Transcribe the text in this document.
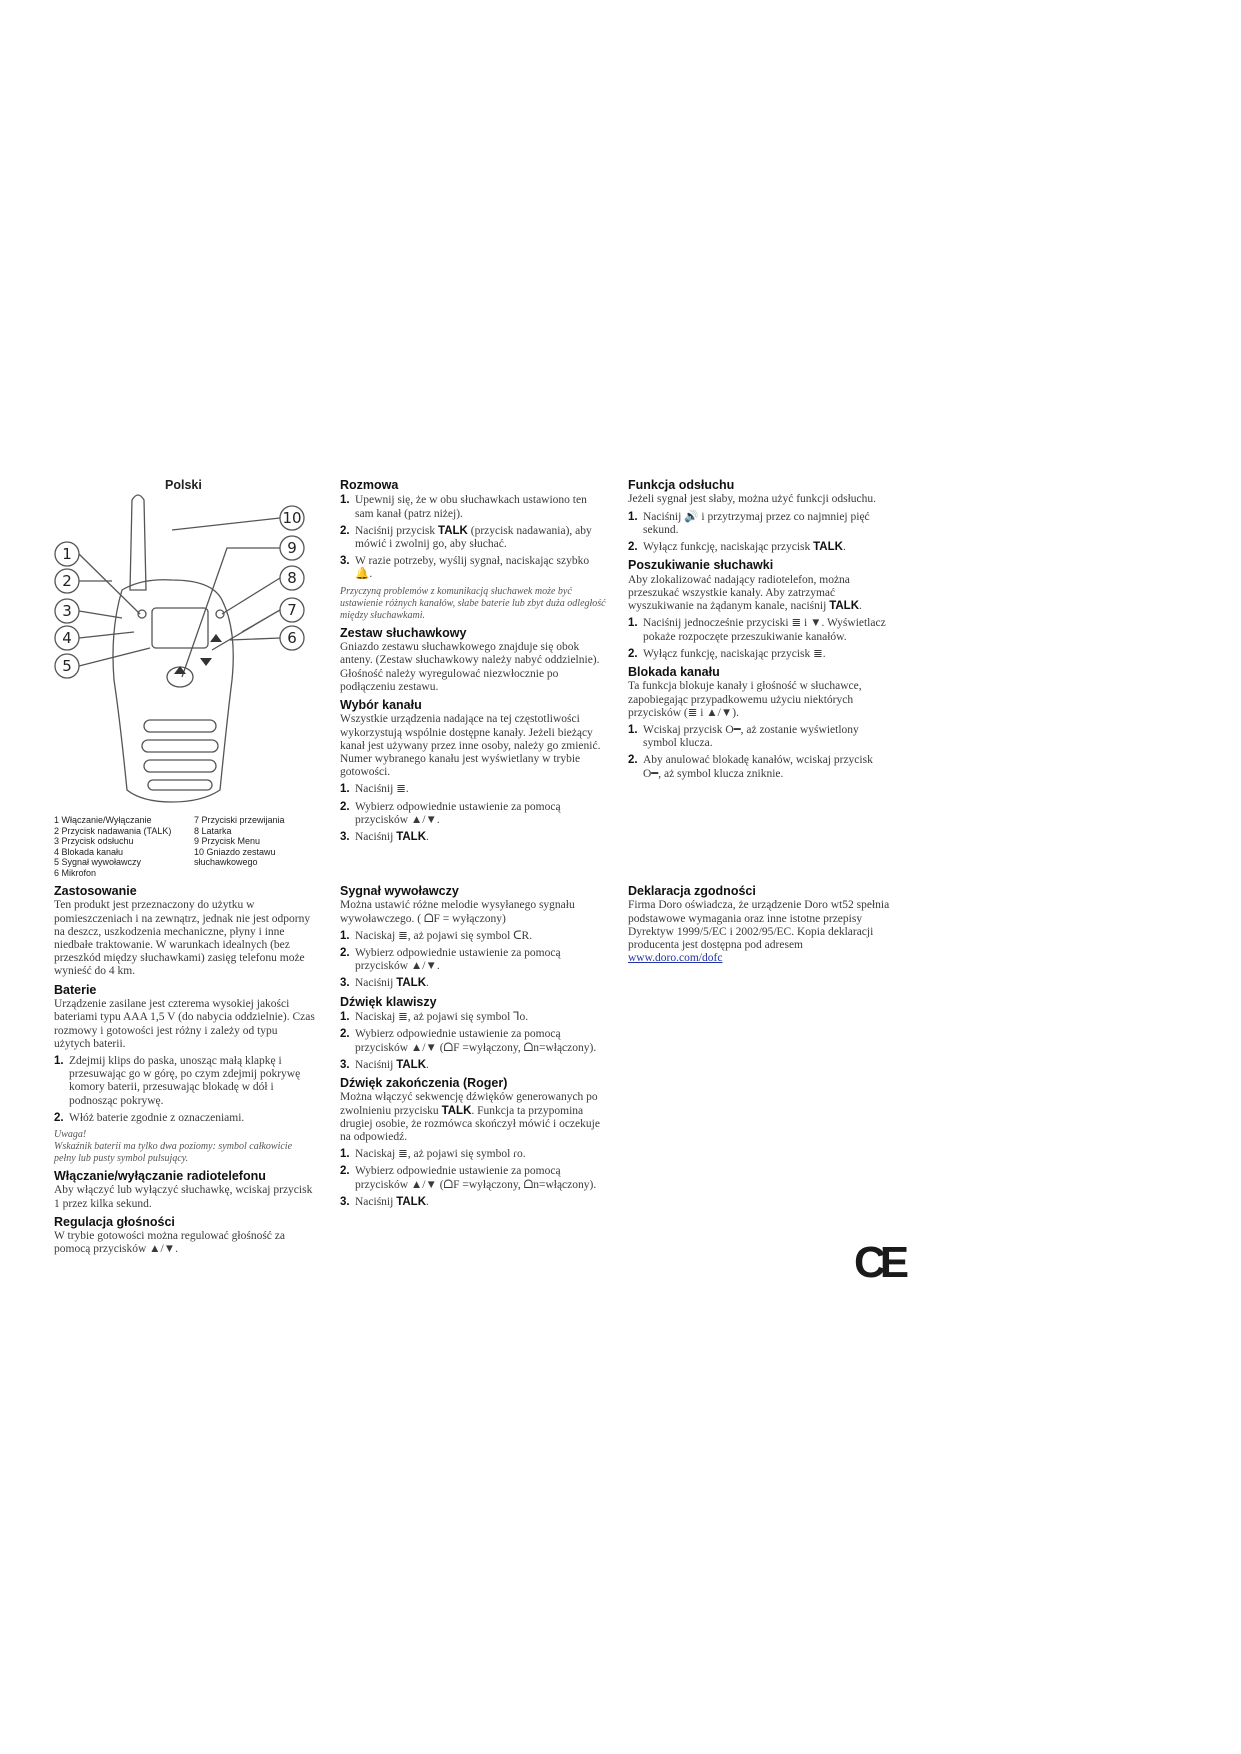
Polski
1
2
3
4
5
6
7
8
9
10
1 Włączanie/Wyłączanie	7 Przyciski przewijania
2 Przycisk nadawania (TALK)	8 Latarka
3 Przycisk odsłuchu	9 Przycisk Menu
4 Blokada kanału	10 Gniazdo zestawu
5 Sygnał wywoławczy	słuchawkowego
6 Mikrofon
Zastosowanie
Ten produkt jest przeznaczony do użytku w pomieszczeniach i na zewnątrz, jednak nie jest odporny na deszcz, uszkodzenia mechaniczne, płyny i inne niedbałe traktowanie. W warunkach idealnych (bez przeszkód między słuchawkami) zasięg telefonu może wynieść do 4 km.
Baterie
Urządzenie zasilane jest czterema wysokiej jakości bateriami typu AAA 1,5 V (do nabycia oddzielnie). Czas rozmowy i gotowości jest różny i zależy od typu użytych baterii.
1. Zdejmij klips do paska, unosząc małą klapkę i przesuwając go w górę, po czym zdejmij pokrywę komory baterii, przesuwając blokadę w dół i podnosząc pokrywę.
2. Włóż baterie zgodnie z oznaczeniami.
Uwaga!
Wskaźnik baterii ma tylko dwa poziomy: symbol całkowicie pełny lub pusty symbol pulsujący.
Włączanie/wyłączanie radiotelefonu
Aby włączyć lub wyłączyć słuchawkę, wciskaj przycisk 1 przez kilka sekund.
Regulacja głośności
W trybie gotowości można regulować głośność za pomocą przycisków ▲/▼.
Rozmowa
1. Upewnij się, że w obu słuchawkach ustawiono ten sam kanał (patrz niżej).
2. Naciśnij przycisk TALK (przycisk nadawania), aby mówić i zwolnij go, aby słuchać.
3. W razie potrzeby, wyślij sygnał, naciskając szybko 🔔.
Przyczyną problemów z komunikacją słuchawek może być ustawienie różnych kanałów, słabe baterie lub zbyt duża odległość między słuchawkami.
Zestaw słuchawkowy
Gniazdo zestawu słuchawkowego znajduje się obok anteny. (Zestaw słuchawkowy należy nabyć oddzielnie). Głośność należy wyregulować niezwłocznie po podłączeniu zestawu.
Wybór kanału
Wszystkie urządzenia nadające na tej częstotliwości wykorzystują wspólnie dostępne kanały. Jeżeli bieżący kanał jest używany przez inne osoby, należy go zmienić. Numer wybranego kanału jest wyświetlany w trybie gotowości.
1. Naciśnij ≣.
2. Wybierz odpowiednie ustawienie za pomocą przycisków ▲/▼.
3. Naciśnij TALK.
Sygnał wywoławczy
Można ustawić różne melodie wysyłanego sygnału wywoławczego. ( ᗝF = wyłączony)
1. Naciskaj ≣, aż pojawi się symbol ᑕR.
2. Wybierz odpowiednie ustawienie za pomocą przycisków ▲/▼.
3. Naciśnij TALK.
Dźwięk klawiszy
1. Naciskaj ≣, aż pojawi się symbol ꓶo.
2. Wybierz odpowiednie ustawienie za pomocą przycisków ▲/▼ (ᗝF =wyłączony, ᗝn=włączony).
3. Naciśnij TALK.
Dźwięk zakończenia (Roger)
Można włączyć sekwencję dźwięków generowanych po zwolnieniu przycisku TALK. Funkcja ta przypomina drugiej osobie, że rozmówca skończył mówić i oczekuje na odpowiedź.
1. Naciskaj ≣, aż pojawi się symbol ɾo.
2. Wybierz odpowiednie ustawienie za pomocą przycisków ▲/▼ (ᗝF =wyłączony, ᗝn=włączony).
3. Naciśnij TALK.
Funkcja odsłuchu
Jeżeli sygnał jest słaby, można użyć funkcji odsłuchu.
1. Naciśnij 🔊 i przytrzymaj przez co najmniej pięć sekund.
2. Wyłącz funkcję, naciskając przycisk TALK.
Poszukiwanie słuchawki
Aby zlokalizować nadający radiotelefon, można przeszukać wszystkie kanały. Aby zatrzymać wyszukiwanie na żądanym kanale, naciśnij TALK.
1. Naciśnij jednocześnie przyciski ≣ i ▼. Wyświetlacz pokaże rozpoczęte przeszukiwanie kanałów.
2. Wyłącz funkcję, naciskając przycisk ≣.
Blokada kanału
Ta funkcja blokuje kanały i głośność w słuchawce, zapobiegając przypadkowemu użyciu niektórych przycisków (≣ i ▲/▼).
1. Wciskaj przycisk O━, aż zostanie wyświetlony symbol klucza.
2. Aby anulować blokadę kanałów, wciskaj przycisk O━, aż symbol klucza zniknie.
Deklaracja zgodności
Firma Doro oświadcza, że urządzenie Doro wt52 spełnia podstawowe wymagania oraz inne istotne przepisy Dyrektyw 1999/5/EC i 2002/95/EC. Kopia deklaracji producenta jest dostępna pod adresem www.doro.com/dofc
CE
